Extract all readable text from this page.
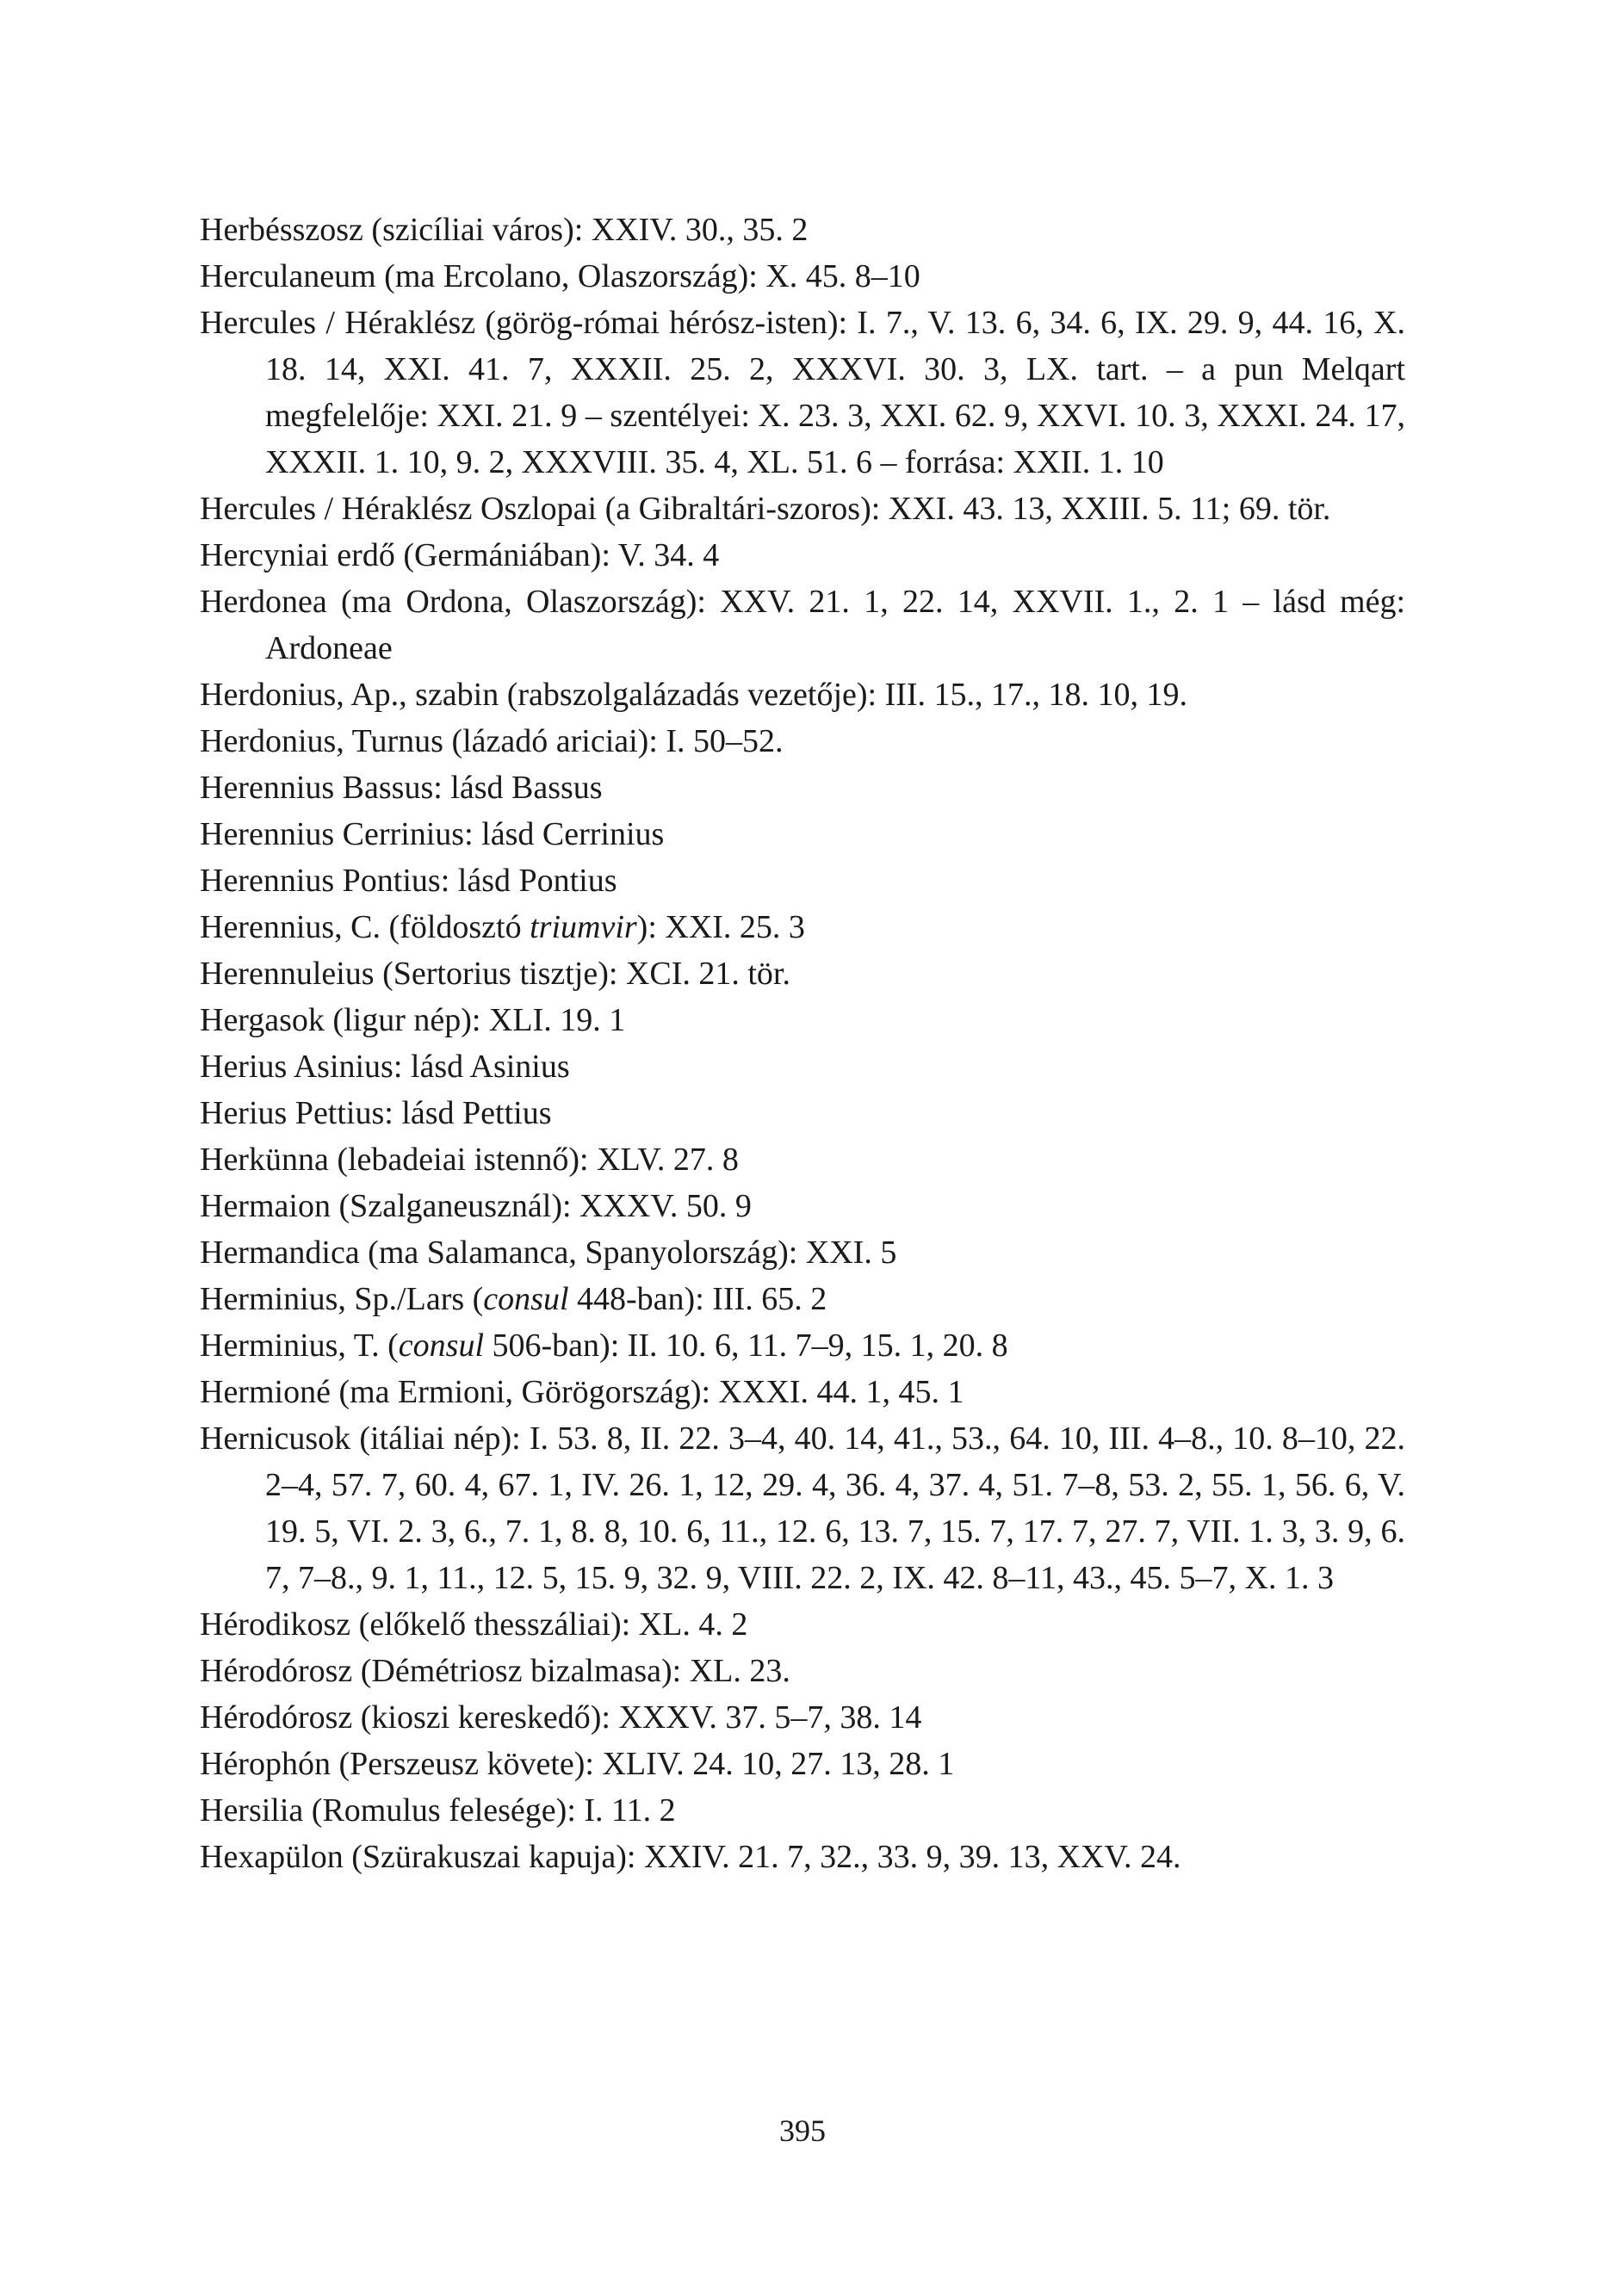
Herbésszosz (szicíliai város): XXIV. 30., 35. 2

Herculaneum (ma Ercolano, Olaszország): X. 45. 8–10

Hercules / Héraklész (görög-római hérósz-isten): I. 7., V. 13. 6, 34. 6, IX. 29. 9, 44. 16, X. 18. 14, XXI. 41. 7, XXXII. 25. 2, XXXVI. 30. 3, LX. tart. – a pun Melqart megfelelője: XXI. 21. 9 – szentélyei: X. 23. 3, XXI. 62. 9, XXVI. 10. 3, XXXI. 24. 17, XXXII. 1. 10, 9. 2, XXXVIII. 35. 4, XL. 51. 6 – forrása: XXII. 1. 10

Hercules / Héraklész Oszlopai (a Gibraltári-szoros): XXI. 43. 13, XXIII. 5. 11; 69. tör.

Hercyniai erdő (Germániában): V. 34. 4

Herdonea (ma Ordona, Olaszország): XXV. 21. 1, 22. 14, XXVII. 1., 2. 1 – lásd még: Ardoneae

Herdonius, Ap., szabin (rabszolgalázadás vezetője): III. 15., 17., 18. 10, 19.

Herdonius, Turnus (lázadó ariciai): I. 50–52.

Herennius Bassus: lásd Bassus

Herennius Cerrinius: lásd Cerrinius

Herennius Pontius: lásd Pontius

Herennius, C. (földosztó triumvir): XXI. 25. 3

Herennuleius (Sertorius tisztje): XCI. 21. tör.

Hergasok (ligur nép): XLI. 19. 1

Herius Asinius: lásd Asinius

Herius Pettius: lásd Pettius

Herkünna (lebadeiai istennő): XLV. 27. 8

Hermaion (Szalganeusznál): XXXV. 50. 9

Hermandica (ma Salamanca, Spanyolország): XXI. 5

Herminius, Sp./Lars (consul 448-ban): III. 65. 2

Herminius, T. (consul 506-ban): II. 10. 6, 11. 7–9, 15. 1, 20. 8

Hermioné (ma Ermioni, Görögország): XXXI. 44. 1, 45. 1

Hernicusok (itáliai nép): I. 53. 8, II. 22. 3–4, 40. 14, 41., 53., 64. 10, III. 4–8., 10. 8–10, 22. 2–4, 57. 7, 60. 4, 67. 1, IV. 26. 1, 12, 29. 4, 36. 4, 37. 4, 51. 7–8, 53. 2, 55. 1, 56. 6, V. 19. 5, VI. 2. 3, 6., 7. 1, 8. 8, 10. 6, 11., 12. 6, 13. 7, 15. 7, 17. 7, 27. 7, VII. 1. 3, 3. 9, 6. 7, 7–8., 9. 1, 11., 12. 5, 15. 9, 32. 9, VIII. 22. 2, IX. 42. 8–11, 43., 45. 5–7, X. 1. 3

Hérodikosz (előkelő thesszáliai): XL. 4. 2

Hérodórosz (Démétriosz bizalmasa): XL. 23.

Hérodórosz (kioszi kereskedő): XXXV. 37. 5–7, 38. 14

Hérophón (Perszeusz követe): XLIV. 24. 10, 27. 13, 28. 1

Hersilia (Romulus felesége): I. 11. 2

Hexapülon (Szürakuszai kapuja): XXIV. 21. 7, 32., 33. 9, 39. 13, XXV. 24.

395
